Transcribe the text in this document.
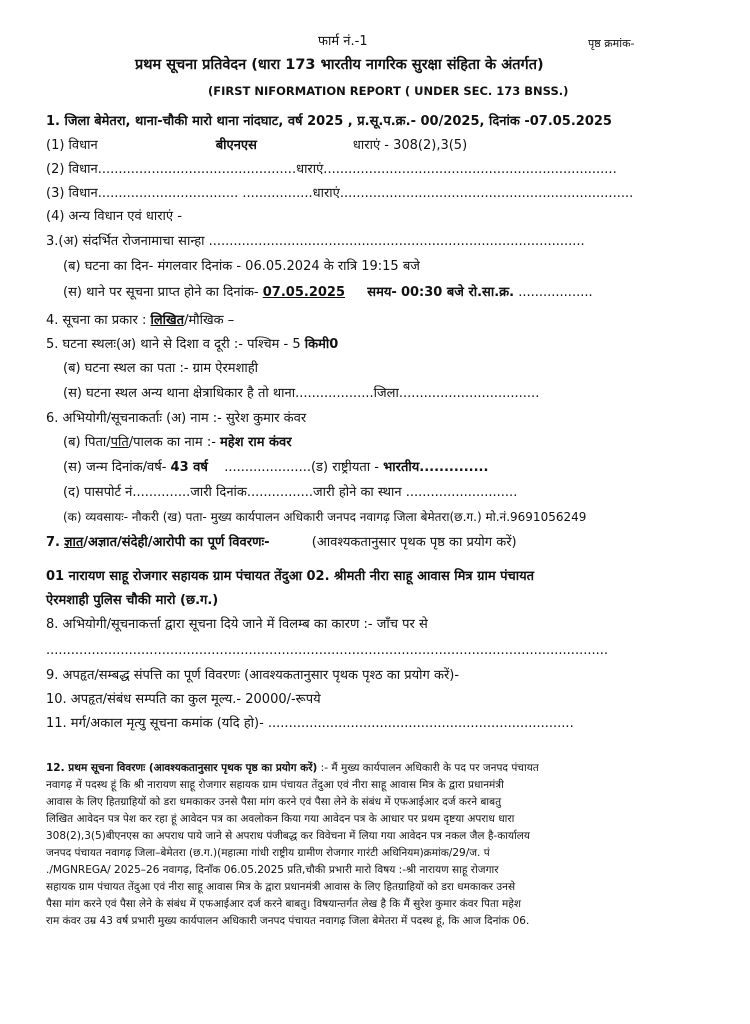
फार्म नं.-1	पृष्ठ क्रमांक-
प्रथम सूचना प्रतिवेदन (धारा 173 भारतीय नागरिक सुरक्षा संहिता के अंतर्गत)
(FIRST NIFORMATION REPORT ( UNDER SEC. 173 BNSS.)
1. जिला बेमेतरा, थाना-चौकी मारो थाना नांदघाट, वर्ष 2025 , प्र.सू.प.क्र.- 00/2025, दिनांक -07.05.2025
(1) विधान	बीएनएस	धाराएं - 308(2),3(5)
(2) विधान................................................धाराएं.......................................................................
(3) विधान.................................. .................धाराएं.......................................................................
(4) अन्य विधान एवं धाराएं -
3.(अ) संदर्भित रोजनामाचा सान्हा ...........................................................................................
(ब) घटना का दिन- मंगलवार दिनांक - 06.05.2024 के रात्रि 19:15 बजे
(स) थाने पर सूचना प्राप्त होने का दिनांक- 07.05.2025 समय- 00:30 बजे रो.सा.क्र. ..................
4. सूचना का प्रकार : लिखित/मौखिक –
5. घटना स्थलः(अ) थाने से दिशा व दूरी :- पश्चिम - 5 किमी0
(ब) घटना स्थल का पता :- ग्राम ऐरमशाही
(स) घटना स्थल अन्य थाना क्षेत्राधिकार है तो थाना...................जिला..................................
6. अभियोगी/सूचनाकर्ताः (अ) नाम :- सुरेश कुमार कंवर
(ब) पिता/पति/पालक का नाम :- महेश राम कंवर
(स) जन्म दिनांक/वर्ष- 43 वर्ष .....................(ड) राष्ट्रीयता - भारतीय..............
(द) पासपोर्ट नं..............जारी दिनांक................जारी होने का स्थान ...........................
(क) व्यवसायः- नौकरी (ख) पता- मुख्य कार्यपालन अधिकारी जनपद नवागढ़ जिला बेमेतरा(छ.ग.) मो.नं.9691056249
7. ज्ञात/अज्ञात/संदेही/आरोपी का पूर्ण विवरणः-	(आवश्यकतानुसार पृथक पृष्ठ का प्रयोग करें)
01 नारायण साहू रोजगार सहायक ग्राम पंचायत तेंदुआ 02. श्रीमती नीरा साहू आवास मित्र ग्राम पंचायत
ऐरमशाही पुलिस चौकी मारो (छ.ग.)
8. अभियोगी/सूचनाकर्त्ता द्वारा सूचना दिये जाने में विलम्ब का कारण :- जाँच पर से
........................................................................................................................................
9. अपहृत/सम्बद्ध संपत्ति का पूर्ण विवरणः (आवश्यकतानुसार पृथक पृश्ठ का प्रयोग करें)-
10. अपहृत/संबंध सम्पति का कुल मूल्य.- 20000/-रूपये
11. मर्ग/अकाल मृत्यु सूचना कमांक (यदि हो)- ..........................................................................
12. प्रथम सूचना विवरणः (आवश्यकतानुसार पृथक पृष्ठ का प्रयोग करें) :- मैं मुख्य कार्यपालन अधिकारी के पद पर जनपद पंचायत
नवागढ़ में पदस्थ हूं कि श्री नारायण साहू रोजगार सहायक ग्राम पंचायत तेंदुआ एवं नीरा साहू आवास मित्र के द्वारा प्रधानमंत्री
आवास के लिए हितग्राहियों को डरा धमकाकर उनसे पैसा मांग करने एवं पैसा लेने के संबंध में एफआईआर दर्ज करने बाबतु
लिखित आवेदन पत्र पेश कर रहा हूं आवेदन पत्र का अवलोकन किया गया आवेदन पत्र के आधार पर प्रथम दृष्टया अपराध धारा
308(2),3(5)बीएनएस का अपराध पाये जाने से अपराध पंजीबद्ध कर विवेचना में लिया गया आवेदन पत्र नकल जैल है-कार्यालय
जनपद पंचायत नवागढ़ जिला–बेमेतरा (छ.ग.)(महात्मा गांधी राष्ट्रीय ग्रामीण रोजगार गारंटी अधिनियम)क्रमांक/29/ज. पं
./MGNREGA/ 2025–26 नवागढ़, दिनाँक 06.05.2025 प्रति,चौकी प्रभारी मारो विषय :-श्री नारायण साहू रोजगार
सहायक ग्राम पंचायत तेंदुआ एवं नीरा साहू आवास मित्र के द्वारा प्रधानमंत्री आवास के लिए हितग्राहियों को डरा धमकाकर उनसे
पैसा मांग करने एवं पैसा लेने के संबंध में एफआईआर दर्ज करने बाबतु। विषयान्तर्गत लेख है कि मैं सुरेश कुमार कंवर पिता महेश
राम कंवर उम्र 43 वर्ष प्रभारी मुख्य कार्यपालन अधिकारी जनपद पंचायत नवागढ़ जिला बेमेतरा में पदस्थ हूं, कि आज दिनांक 06.
